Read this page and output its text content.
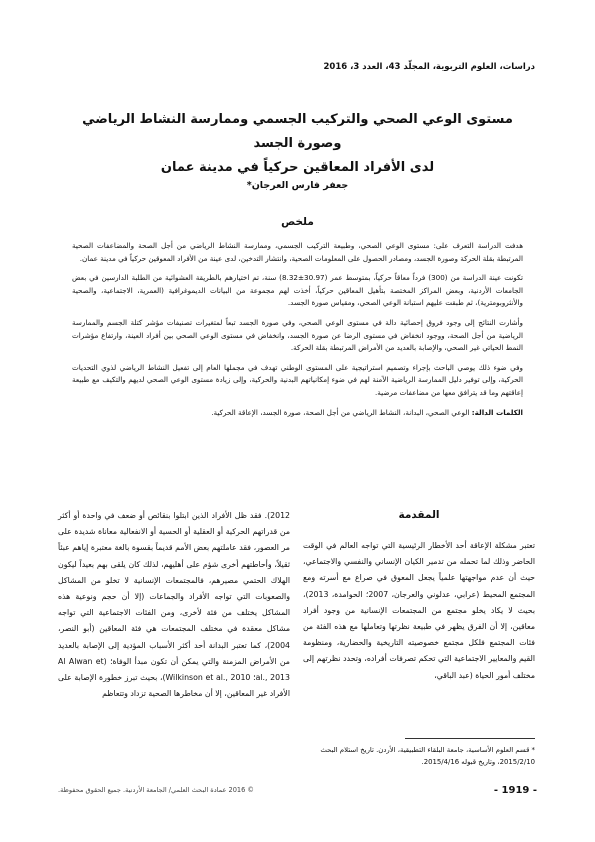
دراسات، العلوم التربوية، المجلّد 43، العدد 3، 2016
مستوى الوعي الصحي والتركيب الجسمي وممارسة النشاط الرياضي وصورة الجسد
لدى الأفراد المعاقين حركياً في مدينة عمان
جعفر فارس العرجان*
ملخص

هدفت الدراسة التعرف على: مستوى الوعي الصحي، وطبيعة التركيب الجسمي، وممارسة النشاط الرياضي من أجل الصحة والمضاعفات الصحية المرتبطة بقلة الحركة وصورة الجسد، ومصادر الحصول على المعلومات الصحية، وانتشار التدخين، لدى عينة من الأفراد المعوقين حركياً في مدينة عمان.

تكونت عينة الدراسة من (300) فرداً معاقاً حركياً، بمتوسط عمر (30.97±8.32) سنة، تم اختيارهم بالطريقة العشوائية من الطلبة الدارسين في بعض الجامعات الأردنية، وبعض المراكز المختصة بتأهيل المعاقين حركياً، أخذت لهم مجموعة من البيانات الديموغرافية (العمرية، الاجتماعية، والصحية والأنثروبومترية)، ثم طبقت عليهم استبانة الوعي الصحي، ومقياس صورة الجسد.

وأشارت النتائج إلى وجود فروق إحصائية دالة في مستوى الوعي الصحي، وفي صورة الجسد تبعاً لمتغيرات تصنيفات مؤشر كتلة الجسم والممارسة الرياضية من أجل الصحة، ووجود انخفاض في مستوى الرضا عن صورة الجسد، وانخفاض في مستوى الوعي الصحي بين أفراد العينة، وارتفاع مؤشرات النمط الحياتي غير الصحي، والإصابة بالعديد من الأمراض المرتبطة بقلة الحركة.

وفي ضوء ذلك يوصي الباحث بإجراء وتصميم استراتيجية على المستوى الوطني تهدف في مجملها العام إلى تفعيل النشاط الرياضي لذوي التحديات الحركية، وإلى توفير دليل الممارسة الرياضية الآمنة لهم في ضوء إمكانياتهم البدنية والحركية، وإلى زيادة مستوى الوعي الصحي لديهم والتكيف مع طبيعة إعاقتهم وما قد يترافق معها من مضاعفات مرضية.

الكلمات الدالة: الوعي الصحي، البدانة، النشاط الرياضي من أجل الصحة، صورة الجسد، الإعاقة الحركية.

المقدمة

تعتبر مشكلة الإعاقة أحد الأخطار الرئيسية التي تواجه العالم في الوقت الحاضر وذلك لما تحمله من تدمير الكيان الإنساني والنفسي والاجتماعي، حيث أن عدم مواجهتها علمياً يجعل المعوق في صراع مع أسرته ومع المجتمع المحيط (عرابي، عدلوني والعرجان، 2007؛ الحوامدة، 2013)، بحيث لا يكاد يخلو مجتمع من المجتمعات الإنسانية من وجود أفراد معاقين، إلا أن الفرق يظهر في طبيعة نظرتها وتعاملها مع هذه الفئة من فئات المجتمع فلكل مجتمع خصوصيته التاريخية والحضارية، ومنظومة القيم والمعايير الاجتماعية التي تحكم تصرفات أفراده، وتحدد نظرتهم إلى مختلف أمور الحياة (عبد الباقي،

2012). فقد ظل الأفراد الذين ابتلوا بنقائص أو ضعف في واحدة أو أكثر من قدراتهم الحركية أو العقلية أو الحسية أو الانفعالية معاناة شديدة على مر العصور، فقد عاملتهم بعض الأمم قديماً بقسوة بالغة معتبرة إياهم عبئاً ثقيلاً، وأحاطتهم أخرى شؤم على أهليهم، لذلك كان يلقى بهم بعيداً ليكون الهلاك الحتمي مصيرهم، فالمجتمعات الإنسانية لا تخلو من المشاكل والصعوبات التي تواجه الأفراد والجماعات (إلا أن حجم ونوعية هذه المشاكل يختلف من فئة لأخرى، ومن الفئات الاجتماعية التي تواجه مشاكل معقدة في مختلف المجتمعات هي فئة المعاقين (أبو النصر، 2004)، كما تعتبر البدانة أحد أكثر الأسباب المؤدية إلى الإصابة بالعديد من الأمراض المزمنة والتي يمكن أن تكون مبدأ الوفاة؛ (Al Alwan et al., 2013؛ Wilkinson et al., 2010)، بحيث تبرز خطورة الإصابة على الأفراد غير المعاقين، إلا أن مخاطرها الصحية تزداد وتتعاظم

* قسم العلوم الأساسية، جامعة البلقاء التطبيقية، الأردن. تاريخ استلام البحث 2015/2/10، وتاريخ قبوله 2015/4/16.
- 1919 -
© 2016 عمادة البحث العلمي/ الجامعة الأردنية. جميع الحقوق محفوظة.
